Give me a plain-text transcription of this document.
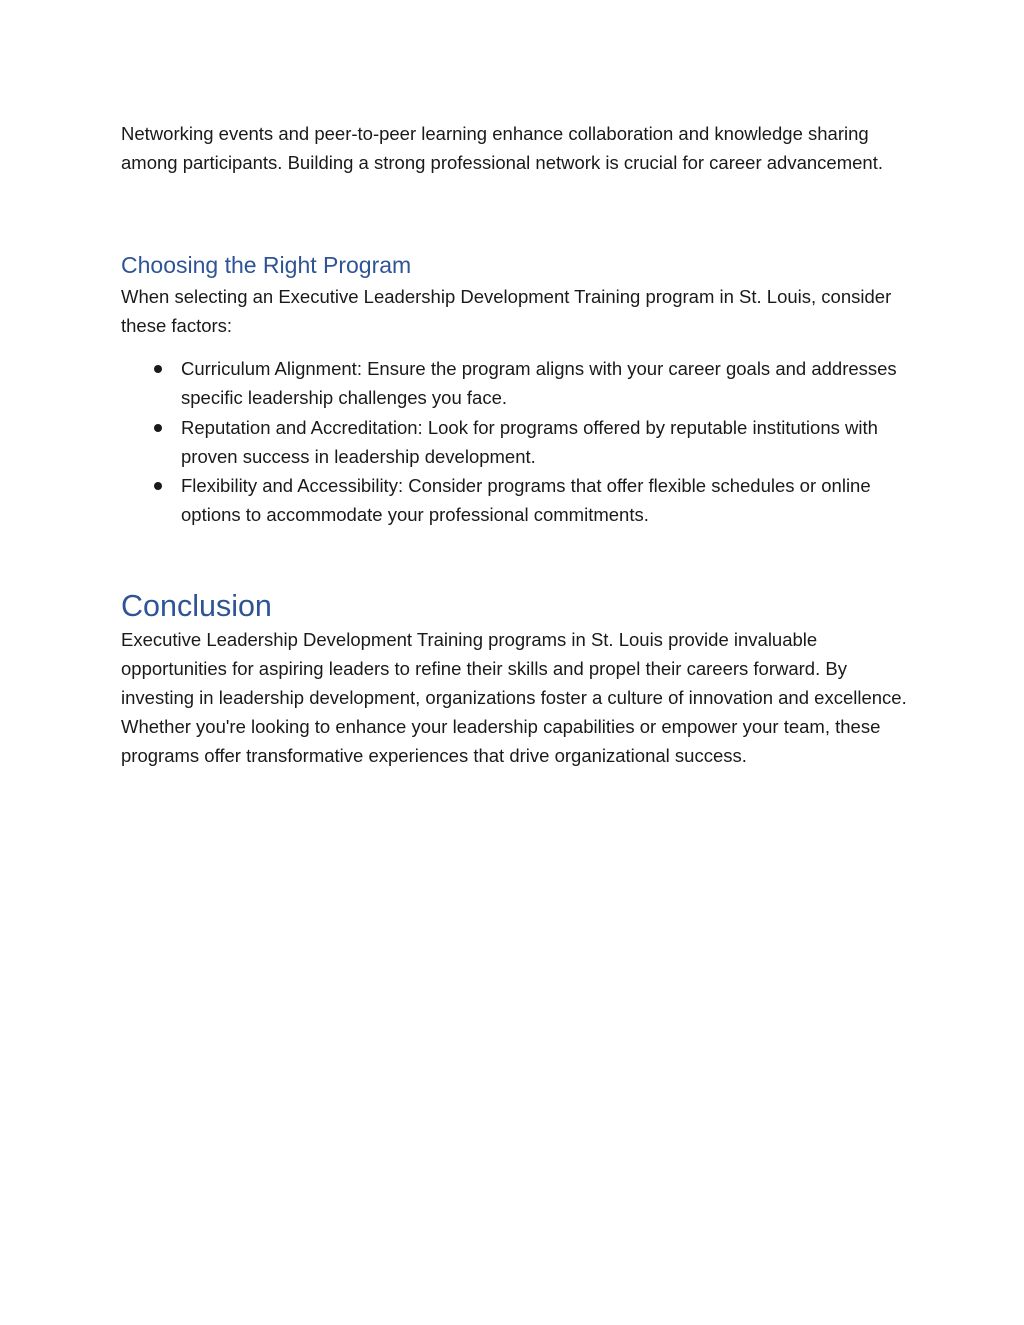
Networking events and peer-to-peer learning enhance collaboration and knowledge sharing among participants. Building a strong professional network is crucial for career advancement.

Choosing the Right Program

When selecting an Executive Leadership Development Training program in St. Louis, consider these factors:

Curriculum Alignment: Ensure the program aligns with your career goals and addresses specific leadership challenges you face.
Reputation and Accreditation: Look for programs offered by reputable institutions with proven success in leadership development.
Flexibility and Accessibility: Consider programs that offer flexible schedules or online options to accommodate your professional commitments.
Conclusion

Executive Leadership Development Training programs in St. Louis provide invaluable opportunities for aspiring leaders to refine their skills and propel their careers forward. By investing in leadership development, organizations foster a culture of innovation and excellence. Whether you're looking to enhance your leadership capabilities or empower your team, these programs offer transformative experiences that drive organizational success.
